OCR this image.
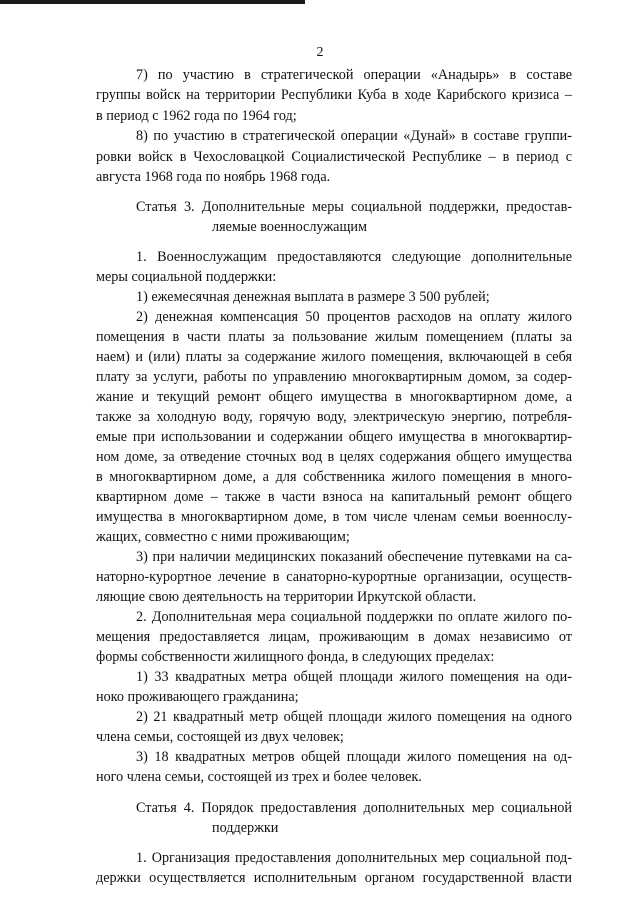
2
7) по участию в стратегической операции «Анадырь» в составе
группы войск на территории Республики Куба в ходе Карибского кризиса –
в период с 1962 года по 1964 год;
8) по участию в стратегической операции «Дунай» в составе группи-
ровки войск в Чехословацкой Социалистической Республике – в период с
августа 1968 года по ноябрь 1968 года.
Статья 3. Дополнительные меры социальной поддержки, предостав-
ляемые военнослужащим
1. Военнослужащим предоставляются следующие дополнительные
меры социальной поддержки:
1) ежемесячная денежная выплата в размере 3 500 рублей;
2) денежная компенсация 50 процентов расходов на оплату жилого
помещения в части платы за пользование жилым помещением (платы за
наем) и (или) платы за содержание жилого помещения, включающей в себя
плату за услуги, работы по управлению многоквартирным домом, за содер-
жание и текущий ремонт общего имущества в многоквартирном доме, а
также за холодную воду, горячую воду, электрическую энергию, потребля-
емые при использовании и содержании общего имущества в многоквартир-
ном доме, за отведение сточных вод в целях содержания общего имущества
в многоквартирном доме, а для собственника жилого помещения в много-
квартирном доме – также в части взноса на капитальный ремонт общего
имущества в многоквартирном доме, в том числе членам семьи военнослу-
жащих, совместно с ними проживающим;
3) при наличии медицинских показаний обеспечение путевками на са-
наторно-курортное лечение в санаторно-курортные организации, осуществ-
ляющие свою деятельность на территории Иркутской области.
2. Дополнительная мера социальной поддержки по оплате жилого по-
мещения предоставляется лицам, проживающим в домах независимо от
формы собственности жилищного фонда, в следующих пределах:
1) 33 квадратных метра общей площади жилого помещения на оди-
ноко проживающего гражданина;
2) 21 квадратный метр общей площади жилого помещения на одного
члена семьи, состоящей из двух человек;
3) 18 квадратных метров общей площади жилого помещения на од-
ного члена семьи, состоящей из трех и более человек.
Статья 4. Порядок предоставления дополнительных мер социальной
поддержки
1. Организация предоставления дополнительных мер социальной под-
держки осуществляется исполнительным органом государственной власти
